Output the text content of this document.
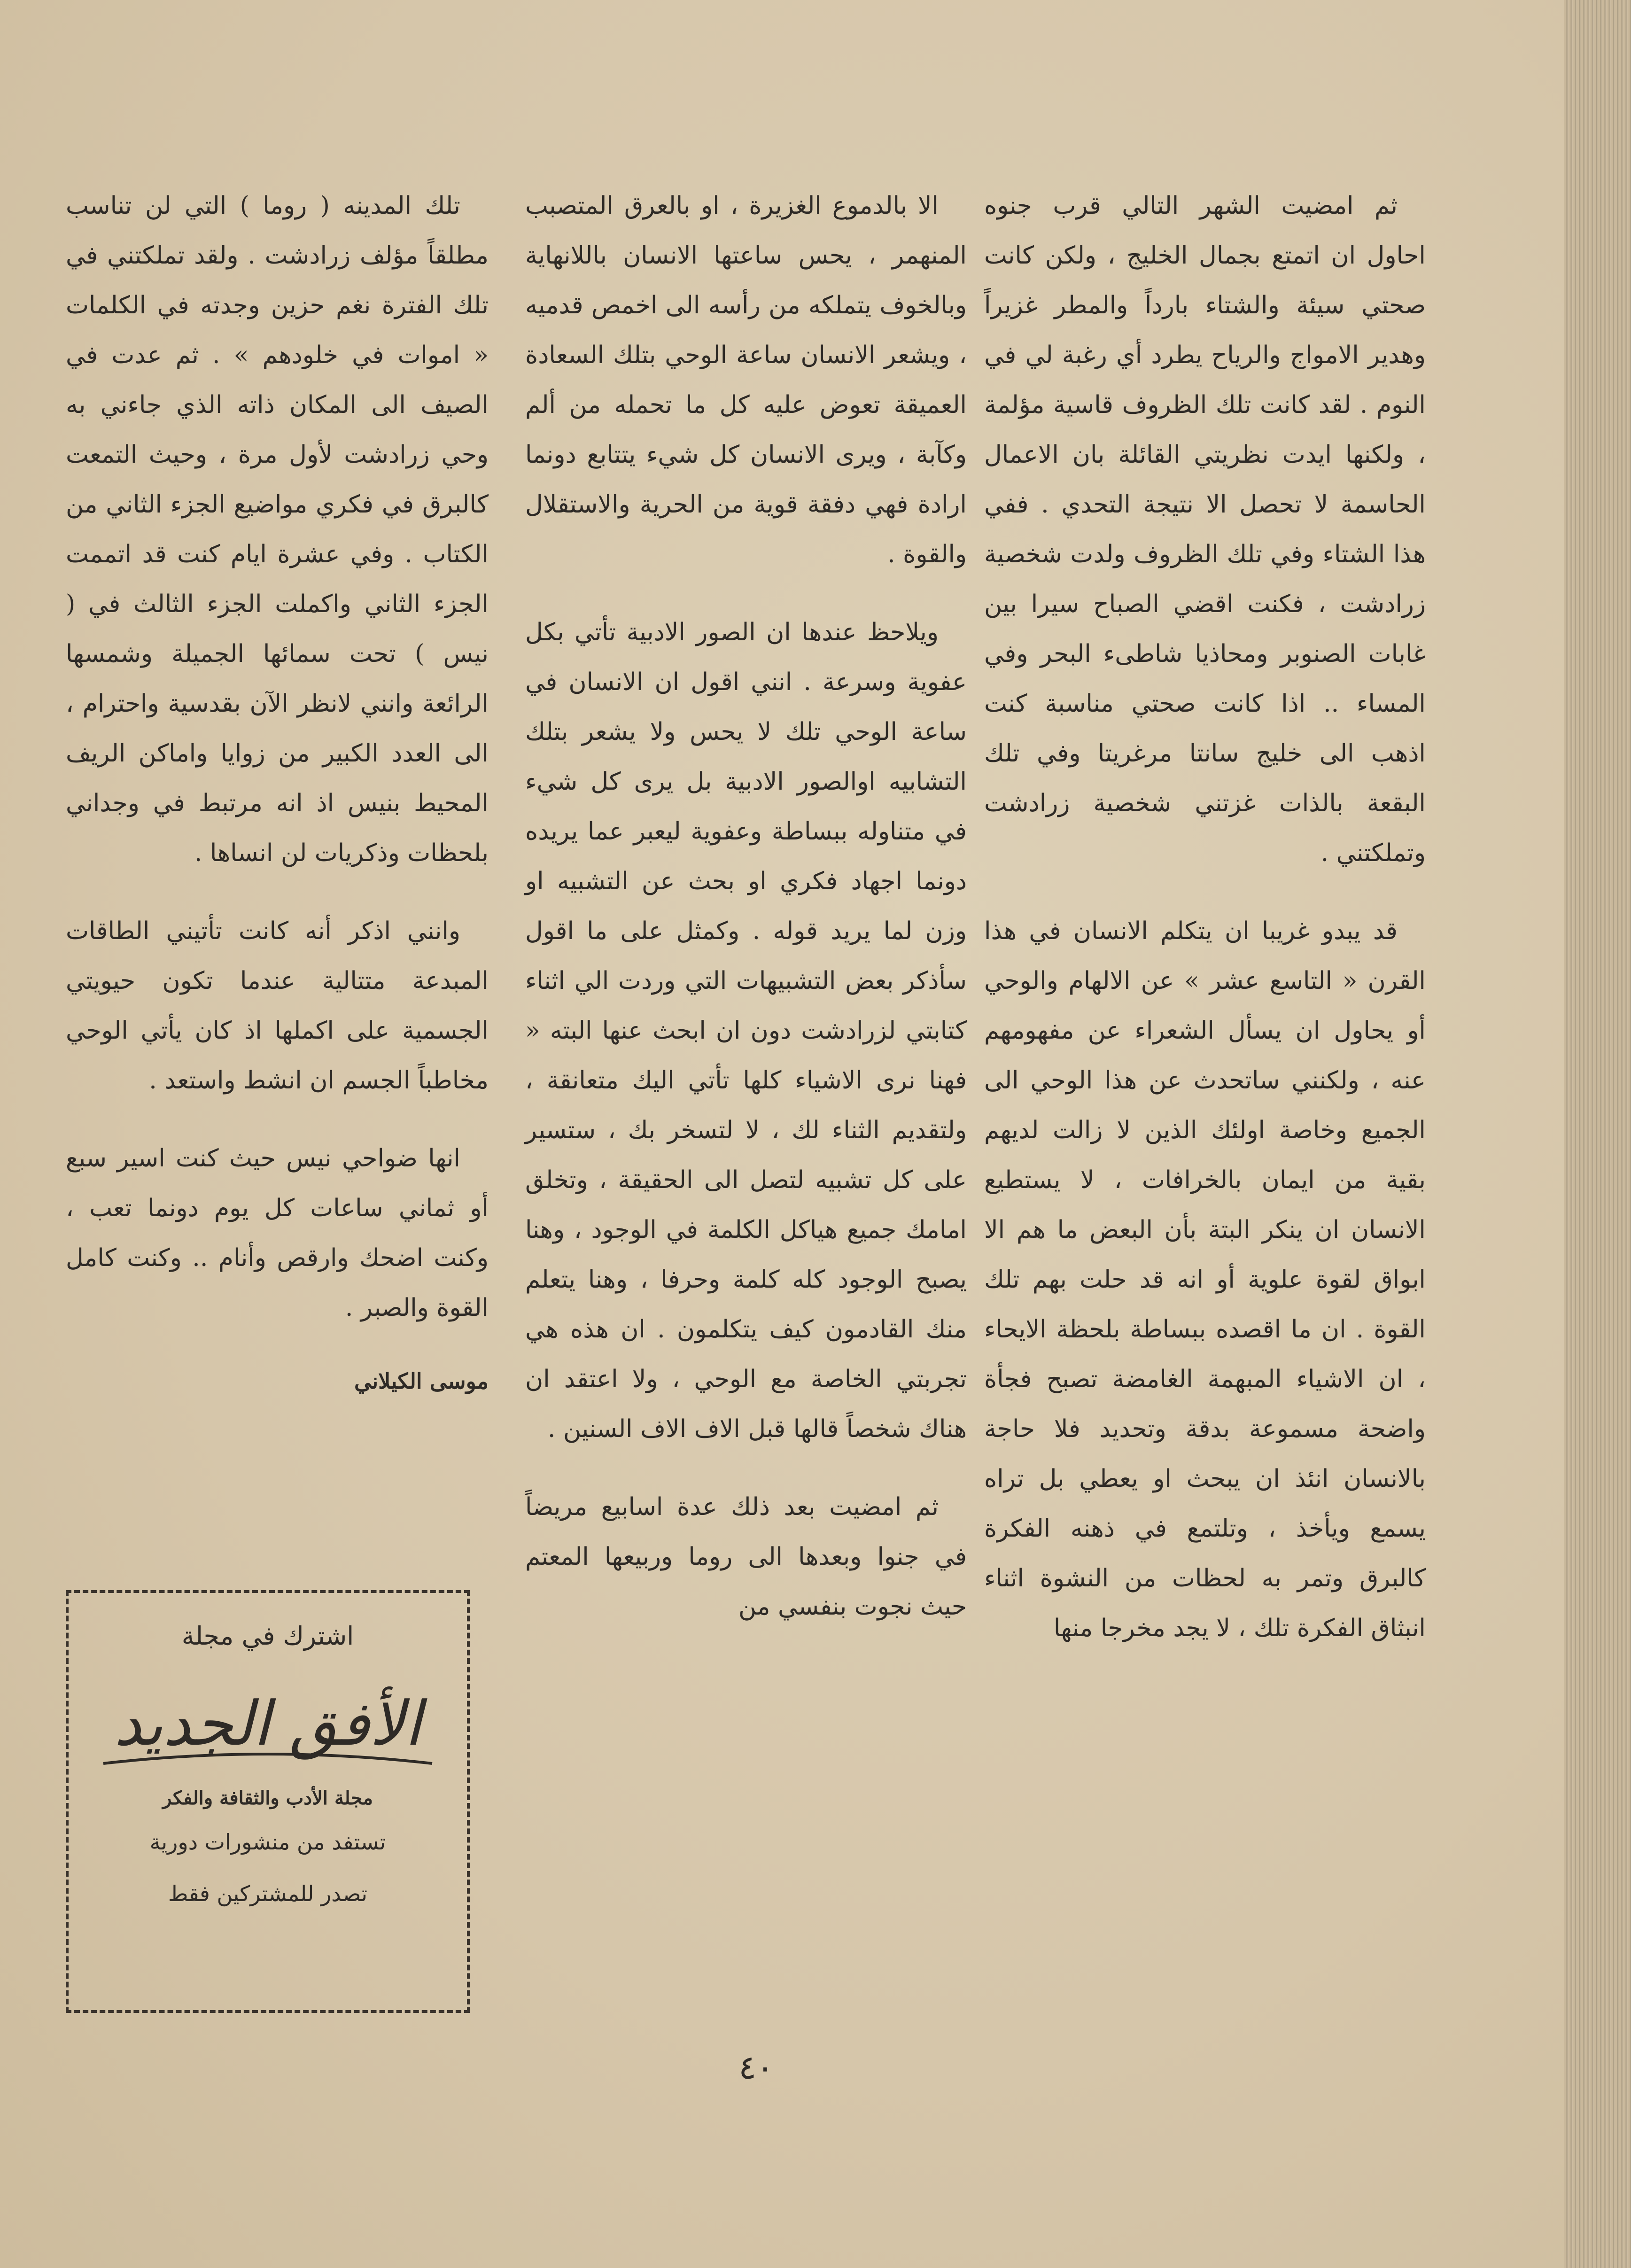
ثم امضيت الشهر التالي قرب جنوه احاول ان اتمتع بجمال الخليج ، ولكن كانت صحتي سيئة والشتاء بارداً والمطر غزيراً وهدير الامواج والرياح يطرد أي رغبة لي في النوم . لقد كانت تلك الظروف قاسية مؤلمة ، ولكنها ايدت نظريتي القائلة بان الاعمال الحاسمة لا تحصل الا نتيجة التحدي . ففي هذا الشتاء وفي تلك الظروف ولدت شخصية زرادشت ، فكنت اقضي الصباح سيرا بين غابات الصنوبر ومحاذيا شاطىء البحر وفي المساء .. اذا كانت صحتي مناسبة كنت اذهب الى خليج سانتا مرغريتا وفي تلك البقعة بالذات غزتني شخصية زرادشت وتملكتني .

قد يبدو غريبا ان يتكلم الانسان في هذا القرن « التاسع عشر » عن الالهام والوحي أو يحاول ان يسأل الشعراء عن مفهومهم عنه ، ولكنني ساتحدث عن هذا الوحي الى الجميع وخاصة اولئك الذين لا زالت لديهم بقية من ايمان بالخرافات ، لا يستطيع الانسان ان ينكر البتة بأن البعض ما هم الا ابواق لقوة علوية أو انه قد حلت بهم تلك القوة . ان ما اقصده ببساطة بلحظة الايحاء ، ان الاشياء المبهمة الغامضة تصبح فجأة واضحة مسموعة بدقة وتحديد فلا حاجة بالانسان انئذ ان يبحث او يعطي بل تراه يسمع ويأخذ ، وتلتمع في ذهنه الفكرة كالبرق وتمر به لحظات من النشوة اثناء انبثاق الفكرة تلك ، لا يجد مخرجا منها

الا بالدموع الغزيرة ، او بالعرق المتصبب المنهمر ، يحس ساعتها الانسان باللانهاية وبالخوف يتملكه من رأسه الى اخمص قدميه ، ويشعر الانسان ساعة الوحي بتلك السعادة العميقة تعوض عليه كل ما تحمله من ألم وكآبة ، ويرى الانسان كل شيء يتتابع دونما ارادة فهي دفقة قوية من الحرية والاستقلال والقوة .

ويلاحظ عندها ان الصور الادبية تأتي بكل عفوية وسرعة . انني اقول ان الانسان في ساعة الوحي تلك لا يحس ولا يشعر بتلك التشابيه اوالصور الادبية بل يرى كل شيء في متناوله ببساطة وعفوية ليعبر عما يريده دونما اجهاد فكري او بحث عن التشبيه او وزن لما يريد قوله . وكمثل على ما اقول سأذكر بعض التشبيهات التي وردت الي اثناء كتابتي لزرادشت دون ان ابحث عنها البته « فهنا نرى الاشياء كلها تأتي اليك متعانقة ، ولتقديم الثناء لك ، لا لتسخر بك ، ستسير على كل تشبيه لتصل الى الحقيقة ، وتخلق امامك جميع هياكل الكلمة في الوجود ، وهنا يصبح الوجود كله كلمة وحرفا ، وهنا يتعلم منك القادمون كيف يتكلمون . ان هذه هي تجربتي الخاصة مع الوحي ، ولا اعتقد ان هناك شخصاً قالها قبل الاف الاف السنين .

ثم امضيت بعد ذلك عدة اسابيع مريضاً في جنوا وبعدها الى روما وربيعها المعتم حيث نجوت بنفسي من

تلك المدينه ( روما ) التي لن تناسب مطلقاً مؤلف زرادشت . ولقد تملكتني في تلك الفترة نغم حزين وجدته في الكلمات « اموات في خلودهم » . ثم عدت في الصيف الى المكان ذاته الذي جاءني به وحي زرادشت لأول مرة ، وحيث التمعت كالبرق في فكري مواضيع الجزء الثاني من الكتاب . وفي عشرة ايام كنت قد اتممت الجزء الثاني واكملت الجزء الثالث في ( نيس ) تحت سمائها الجميلة وشمسها الرائعة وانني لانظر الآن بقدسية واحترام ، الى العدد الكبير من زوايا واماكن الريف المحيط بنيس اذ انه مرتبط في وجداني بلحظات وذكريات لن انساها .

وانني اذكر أنه كانت تأتيني الطاقات المبدعة متتالية عندما تكون حيويتي الجسمية على اكملها اذ كان يأتي الوحي مخاطباً الجسم ان انشط واستعد .

انها ضواحي نيس حيث كنت اسير سبع أو ثماني ساعات كل يوم دونما تعب ، وكنت اضحك وارقص وأنام .. وكنت كامل القوة والصبر .

موسى الكيلاني
اشترك في مجلة
الأفق الجديد
مجلة الأدب والثقافة والفكر
تستفد من منشورات دورية
تصدر للمشتركين فقط
٤٠
